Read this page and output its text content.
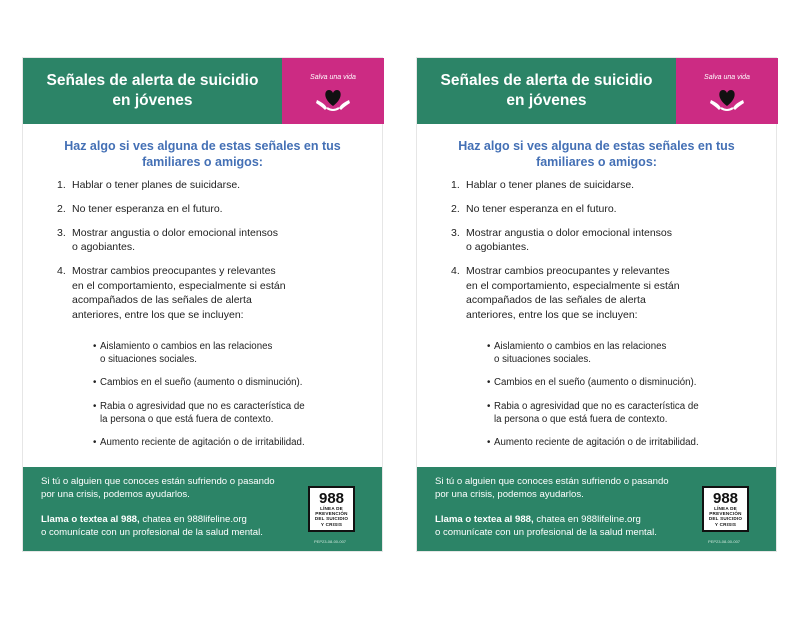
Señales de alerta de suicidio
en jóvenes
Salva una vida
Haz algo si ves alguna de estas señales en tus
familiares o amigos:
1. Hablar o tener planes de suicidarse.
2. No tener esperanza en el futuro.
3. Mostrar angustia o dolor emocional intensos
o agobiantes.
4. Mostrar cambios preocupantes y relevantes
en el comportamiento, especialmente si están
acompañados de las señales de alerta
anteriores, entre los que se incluyen:
• Aislamiento o cambios en las relaciones
o situaciones sociales.
• Cambios en el sueño (aumento o disminución).
• Rabia o agresividad que no es característica de
la persona o que está fuera de contexto.
• Aumento reciente de agitación o de irritabilidad.
Si tú o alguien que conoces están sufriendo o pasando
por una crisis, podemos ayudarlos.
Llama o textea al 988, chatea en 988lifeline.org
o comunícate con un profesional de la salud mental.
988
LÍNEA DE
PREVENCIÓN
DEL SUICIDIO
Y CRISIS
PEP23-08-00-007
Señales de alerta de suicidio
en jóvenes
Salva una vida
Haz algo si ves alguna de estas señales en tus
familiares o amigos:
1. Hablar o tener planes de suicidarse.
2. No tener esperanza en el futuro.
3. Mostrar angustia o dolor emocional intensos
o agobiantes.
4. Mostrar cambios preocupantes y relevantes
en el comportamiento, especialmente si están
acompañados de las señales de alerta
anteriores, entre los que se incluyen:
• Aislamiento o cambios en las relaciones
o situaciones sociales.
• Cambios en el sueño (aumento o disminución).
• Rabia o agresividad que no es característica de
la persona o que está fuera de contexto.
• Aumento reciente de agitación o de irritabilidad.
Si tú o alguien que conoces están sufriendo o pasando
por una crisis, podemos ayudarlos.
Llama o textea al 988, chatea en 988lifeline.org
o comunícate con un profesional de la salud mental.
988
LÍNEA DE
PREVENCIÓN
DEL SUICIDIO
Y CRISIS
PEP23-08-00-007
